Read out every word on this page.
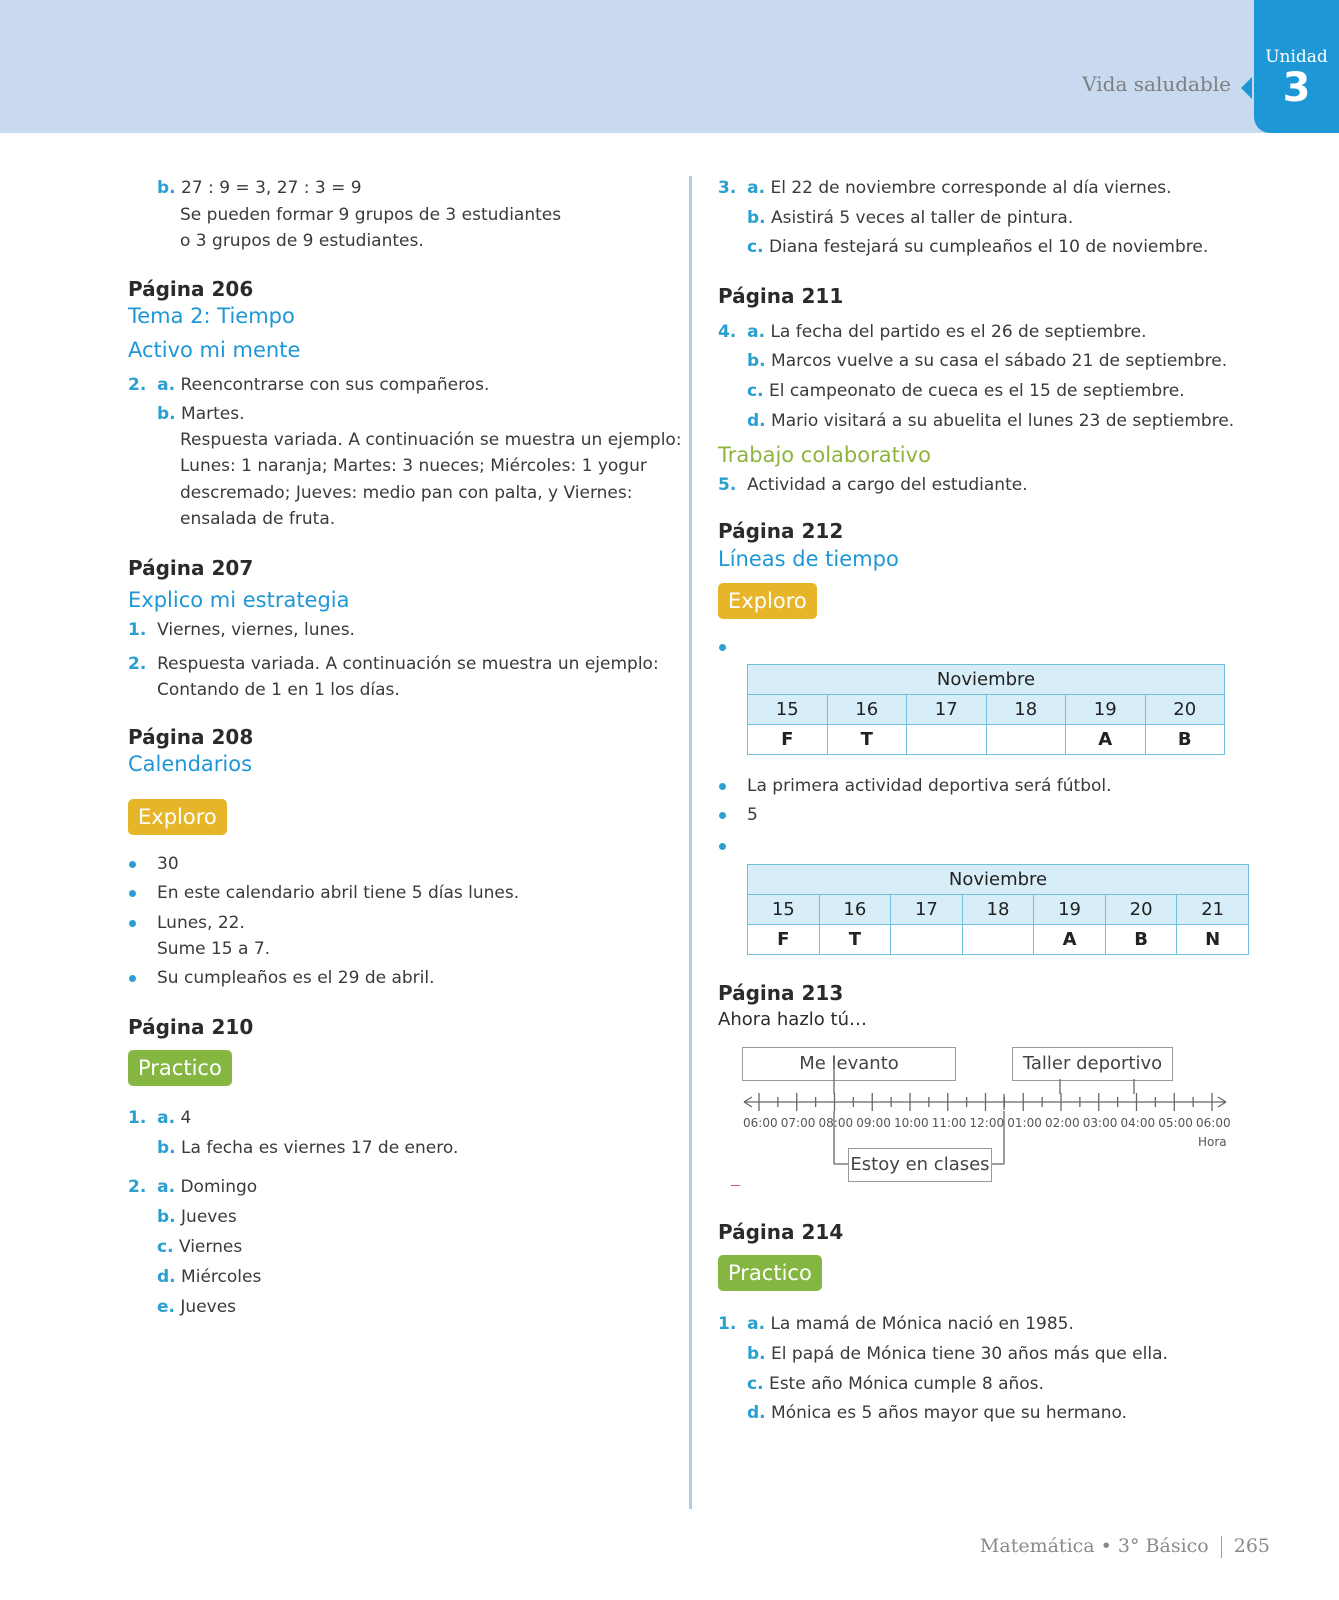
Vida saludable
Unidad
3
b. 27 : 9 = 3, 27 : 3 = 9
Se pueden formar 9 grupos de 3 estudiantes
o 3 grupos de 9 estudiantes.
Página 206
Tema 2: Tiempo
Activo mi mente
2. a. Reencontrarse con sus compañeros.
b. Martes.
Respuesta variada. A continuación se muestra un ejemplo:
Lunes: 1 naranja; Martes: 3 nueces; Miércoles: 1 yogur
descremado; Jueves: medio pan con palta, y Viernes:
ensalada de fruta.
Página 207
Explico mi estrategia
1. Viernes, viernes, lunes.
2. Respuesta variada. A continuación se muestra un ejemplo:
Contando de 1 en 1 los días.
Página 208
Calendarios
Exploro
30
En este calendario abril tiene 5 días lunes.
Lunes, 22.
Sume 15 a 7.
Su cumpleaños es el 29 de abril.
Página 210
Practico
1. a. 4
b. La fecha es viernes 17 de enero.
2. a. Domingo
b. Jueves
c. Viernes
d. Miércoles
e. Jueves
3. a. El 22 de noviembre corresponde al día viernes.
b. Asistirá 5 veces al taller de pintura.
c. Diana festejará su cumpleaños el 10 de noviembre.
Página 211
4. a. La fecha del partido es el 26 de septiembre.
b. Marcos vuelve a su casa el sábado 21 de septiembre.
c. El campeonato de cueca es el 15 de septiembre.
d. Mario visitará a su abuelita el lunes 23 de septiembre.
Trabajo colaborativo
5. Actividad a cargo del estudiante.
Página 212
Líneas de tiempo
Exploro
Noviembre					
15	16	17	18	19	20
F	T			A	B
La primera actividad deportiva será fútbol.
5
Noviembre						
15	16	17	18	19	20	21
F	T			A	B	N
Página 213
Ahora hazlo tú…
Me levanto	Taller deportivo
06:00 07:00 08:00 09:00 10:00 11:00 12:00 01:00 02:00 03:00 04:00 05:00 06:00
Hora
Estoy en clases
Página 214
Practico
1. a. La mamá de Mónica nació en 1985.
b. El papá de Mónica tiene 30 años más que ella.
c. Este año Mónica cumple 8 años.
d. Mónica es 5 años mayor que su hermano.
Matemática • 3° Básico 265
